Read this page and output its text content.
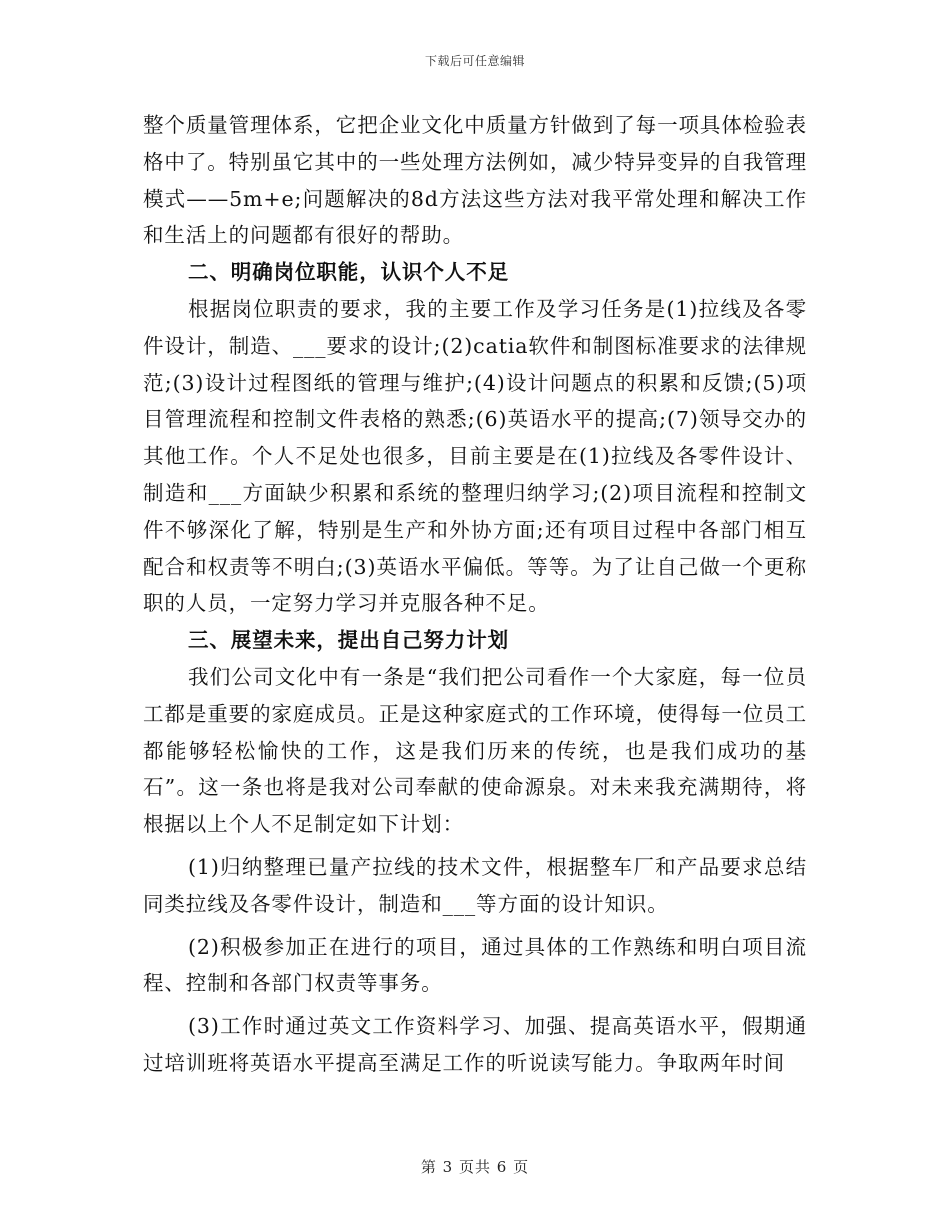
下载后可任意编辑

整个质量管理体系，它把企业文化中质量方针做到了每一项具体检验表格中了。特别虽它其中的一些处理方法例如，减少特异变异的自我管理模式——5m+e;问题解决的8d方法这些方法对我平常处理和解决工作和生活上的问题都有很好的帮助。

二、明确岗位职能，认识个人不足

根据岗位职责的要求，我的主要工作及学习任务是(1)拉线及各零件设计，制造、___要求的设计;(2)catia软件和制图标准要求的法律规范;(3)设计过程图纸的管理与维护;(4)设计问题点的积累和反馈;(5)项目管理流程和控制文件表格的熟悉;(6)英语水平的提高;(7)领导交办的其他工作。个人不足处也很多，目前主要是在(1)拉线及各零件设计、制造和___方面缺少积累和系统的整理归纳学习;(2)项目流程和控制文件不够深化了解，特别是生产和外协方面;还有项目过程中各部门相互配合和权责等不明白;(3)英语水平偏低。等等。为了让自己做一个更称职的人员，一定努力学习并克服各种不足。

三、展望未来，提出自己努力计划

我们公司文化中有一条是“我们把公司看作一个大家庭，每一位员工都是重要的家庭成员。正是这种家庭式的工作环境，使得每一位员工都能够轻松愉快的工作，这是我们历来的传统，也是我们成功的基石”。这一条也将是我对公司奉献的使命源泉。对未来我充满期待，将根据以上个人不足制定如下计划：

(1)归纳整理已量产拉线的技术文件，根据整车厂和产品要求总结同类拉线及各零件设计，制造和___等方面的设计知识。

(2)积极参加正在进行的项目，通过具体的工作熟练和明白项目流程、控制和各部门权责等事务。

(3)工作时通过英文工作资料学习、加强、提高英语水平，假期通过培训班将英语水平提高至满足工作的听说读写能力。争取两年时间

第 3 页共 6 页
